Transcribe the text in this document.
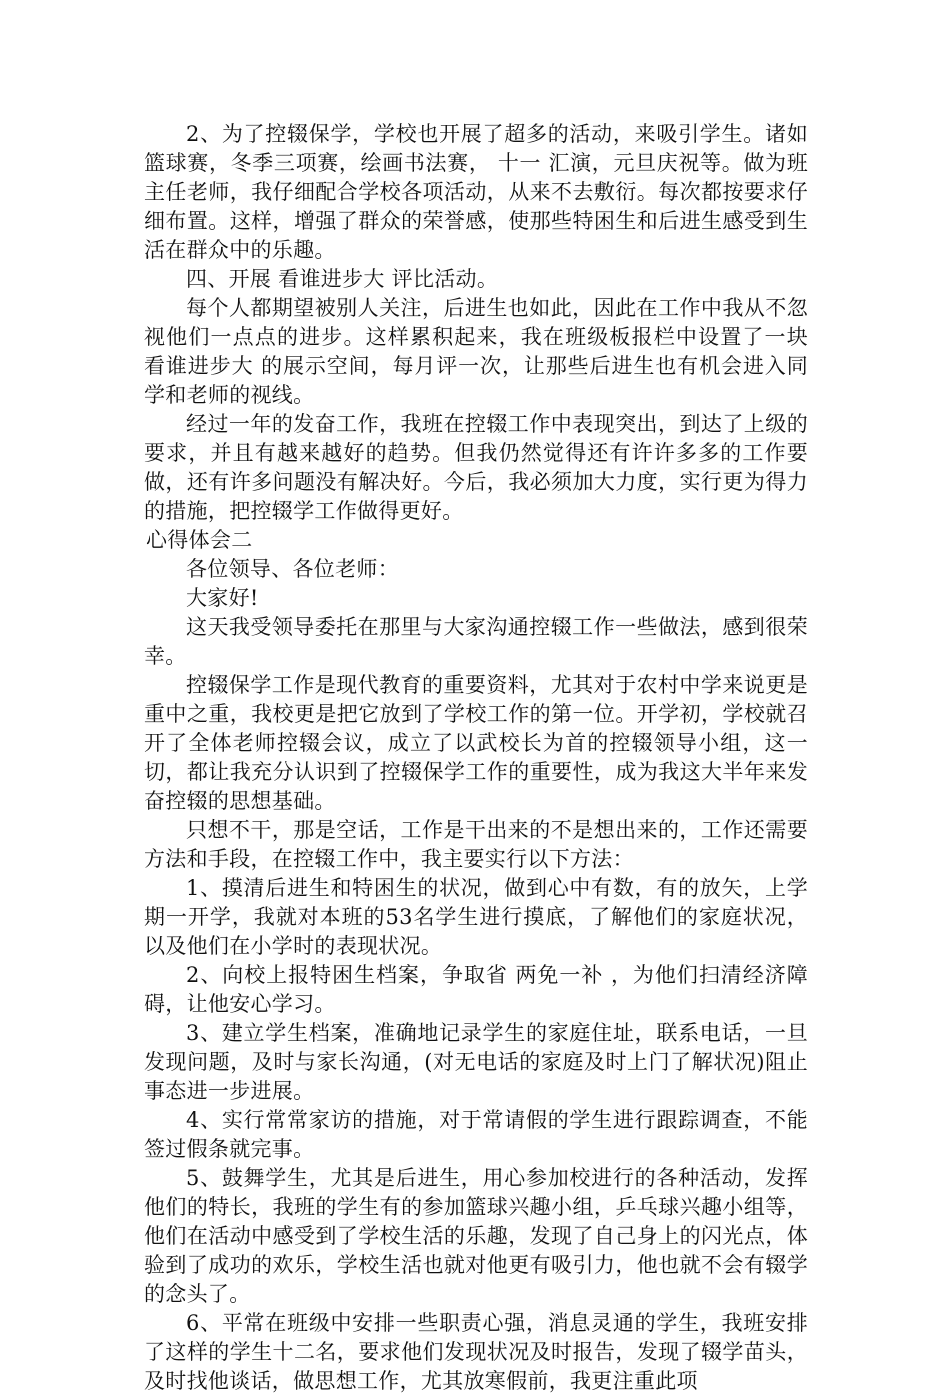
2、为了控辍保学，学校也开展了超多的活动，来吸引学生。诸如篮球赛，冬季三项赛，绘画书法赛， 十一 汇演，元旦庆祝等。做为班主任老师，我仔细配合学校各项活动，从来不去敷衍。每次都按要求仔细布置。这样，增强了群众的荣誉感，使那些特困生和后进生感受到生活在群众中的乐趣。

四、开展 看谁进步大 评比活动。

每个人都期望被别人关注，后进生也如此，因此在工作中我从不忽视他们一点点的进步。这样累积起来，我在班级板报栏中设置了一块 看谁进步大 的展示空间，每月评一次，让那些后进生也有机会进入同学和老师的视线。

经过一年的发奋工作，我班在控辍工作中表现突出，到达了上级的要求，并且有越来越好的趋势。但我仍然觉得还有许许多多的工作要做，还有许多问题没有解决好。今后，我必须加大力度，实行更为得力的措施，把控辍学工作做得更好。

心得体会二

各位领导、各位老师：

大家好!

这天我受领导委托在那里与大家沟通控辍工作一些做法，感到很荣幸。

控辍保学工作是现代教育的重要资料，尤其对于农村中学来说更是重中之重，我校更是把它放到了学校工作的第一位。开学初，学校就召开了全体老师控辍会议，成立了以武校长为首的控辍领导小组，这一切，都让我充分认识到了控辍保学工作的重要性，成为我这大半年来发奋控辍的思想基础。

只想不干，那是空话，工作是干出来的不是想出来的，工作还需要方法和手段，在控辍工作中，我主要实行以下方法：

1、摸清后进生和特困生的状况，做到心中有数，有的放矢，上学期一开学，我就对本班的53名学生进行摸底，了解他们的家庭状况，以及他们在小学时的表现状况。

2、向校上报特困生档案，争取省 两免一补 ，为他们扫清经济障碍，让他安心学习。

3、建立学生档案，准确地记录学生的家庭住址，联系电话，一旦发现问题，及时与家长沟通，(对无电话的家庭及时上门了解状况)阻止事态进一步进展。

4、实行常常家访的措施，对于常请假的学生进行跟踪调查，不能签过假条就完事。

5、鼓舞学生，尤其是后进生，用心参加校进行的各种活动，发挥他们的特长，我班的学生有的参加篮球兴趣小组，乒乓球兴趣小组等，他们在活动中感受到了学校生活的乐趣，发现了自己身上的闪光点，体验到了成功的欢乐，学校生活也就对他更有吸引力，他也就不会有辍学的念头了。

6、平常在班级中安排一些职责心强，消息灵通的学生，我班安排了这样的学生十二名，要求他们发现状况及时报告，发现了辍学苗头，及时找他谈话，做思想工作，尤其放寒假前，我更注重此项
